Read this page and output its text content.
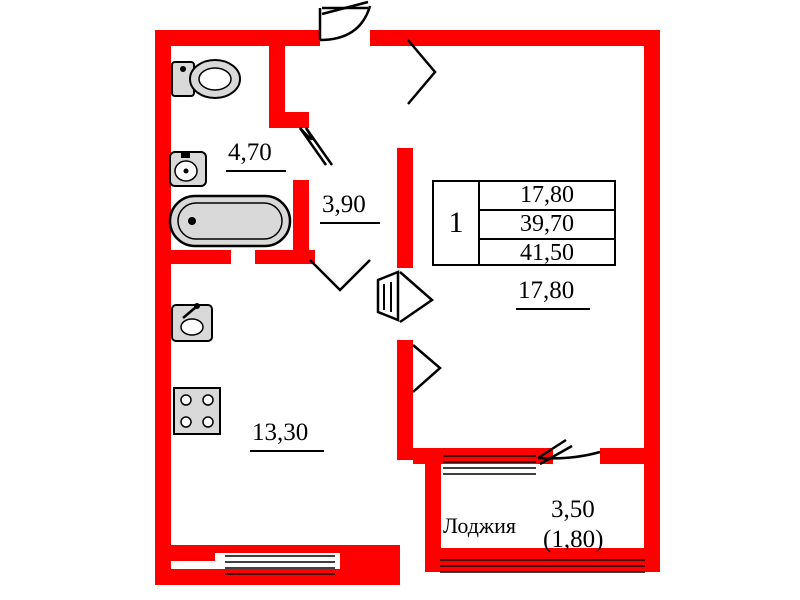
4,70
3,90
17,80
13,30
Лоджия
3,50
(1,80)
1
17,80
39,70
41,50
